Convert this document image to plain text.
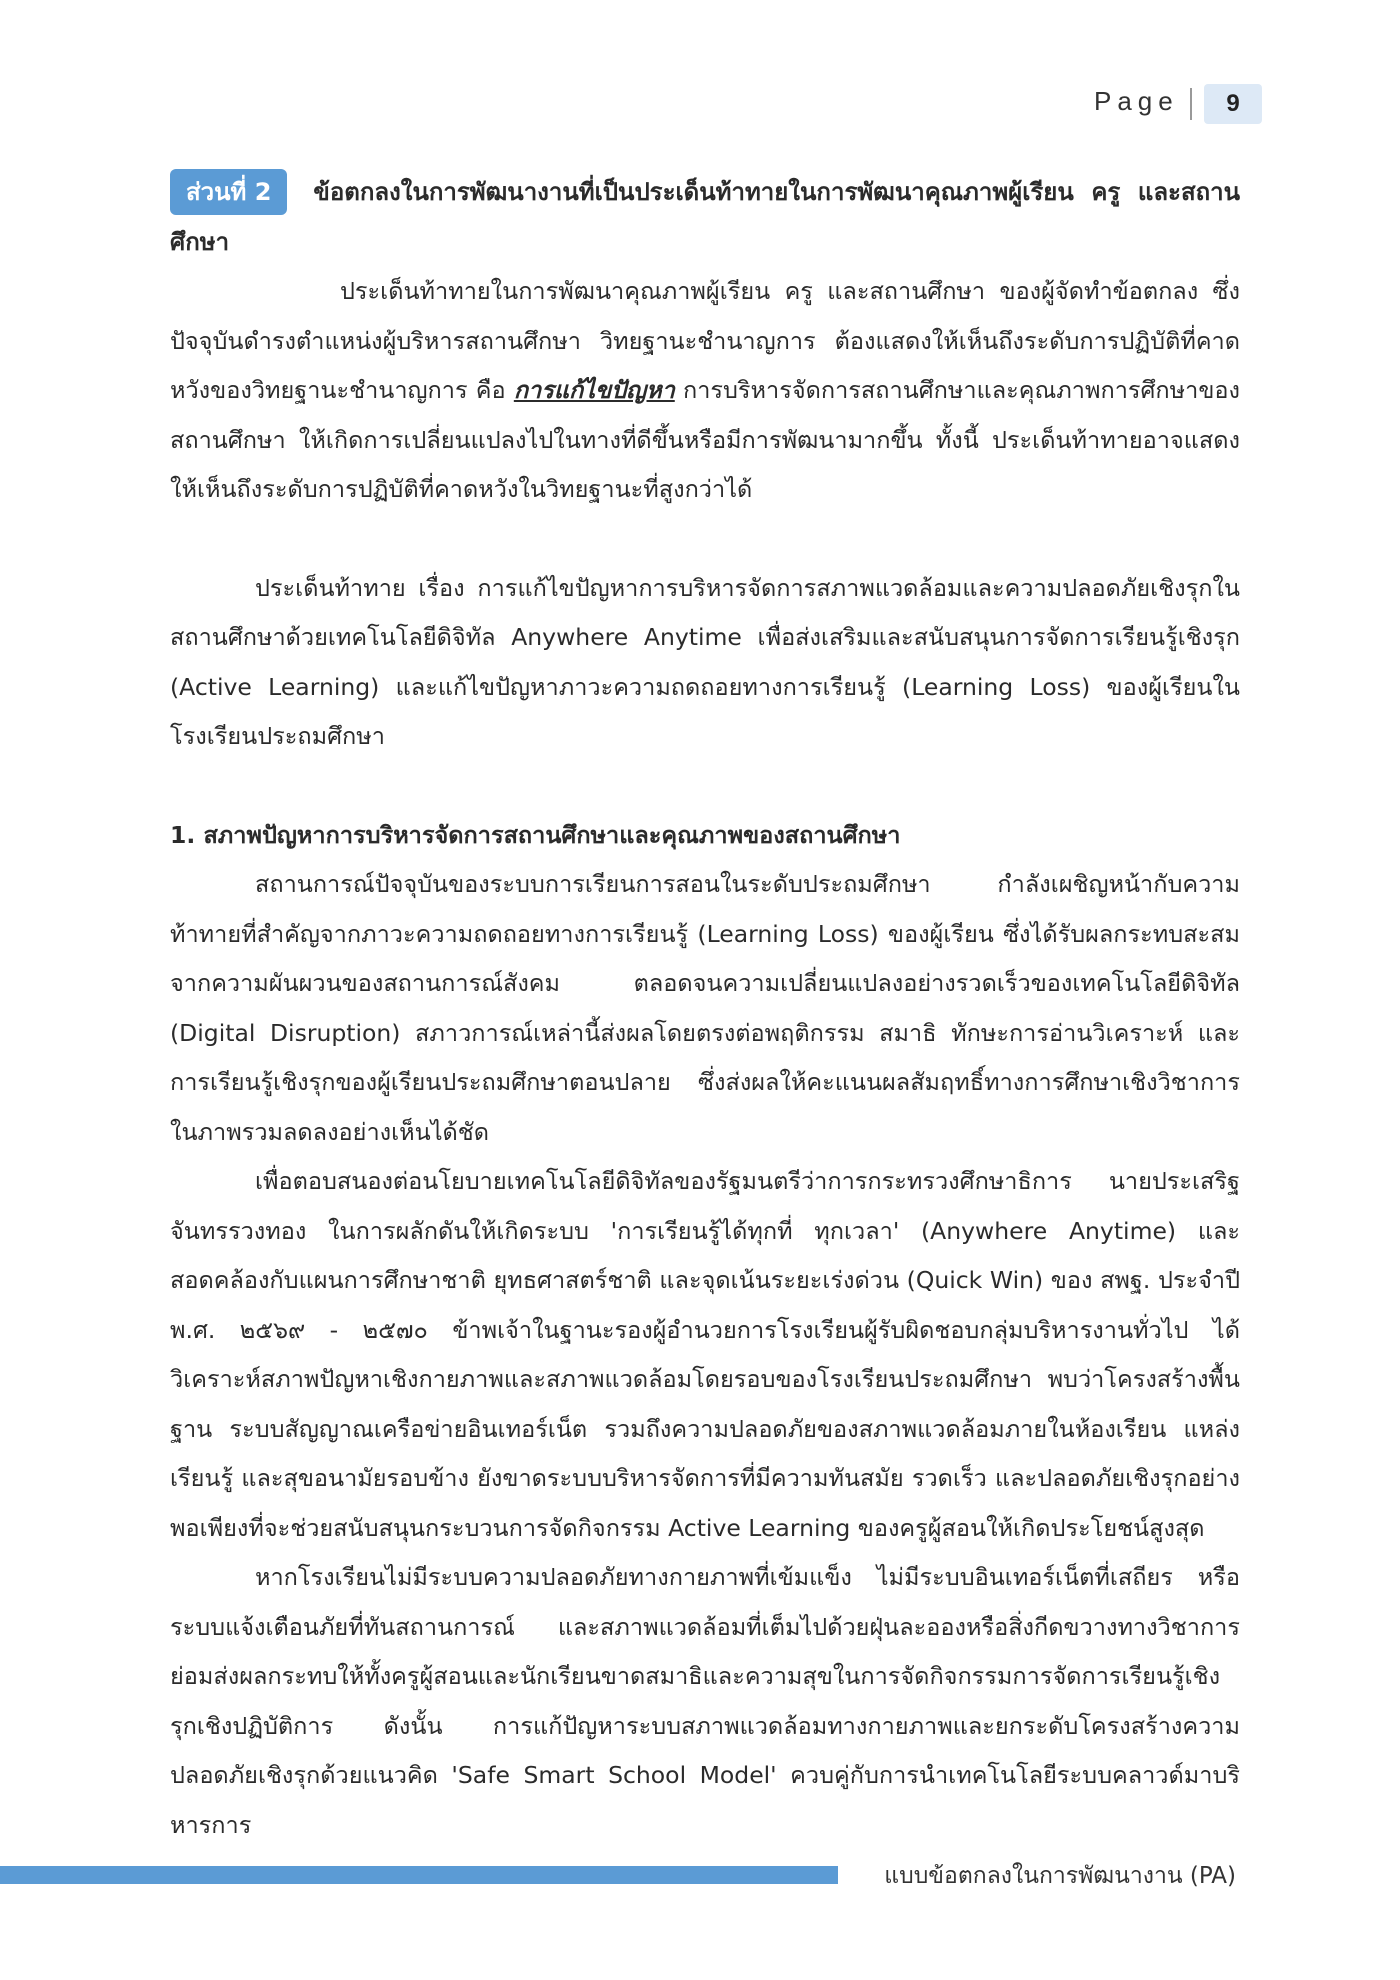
Page	9
ส่วนที่ 2 ข้อตกลงในการพัฒนางานที่เป็นประเด็นท้าทายในการพัฒนาคุณภาพผู้เรียน ครู และสถานศึกษา

ประเด็นท้าทายในการพัฒนาคุณภาพผู้เรียน ครู และสถานศึกษา ของผู้จัดทำข้อตกลง ซึ่งปัจจุบันดำรงตำแหน่งผู้บริหารสถานศึกษา วิทยฐานะชำนาญการ ต้องแสดงให้เห็นถึงระดับการปฏิบัติที่คาดหวังของวิทยฐานะชำนาญการ คือ การแก้ไขปัญหา การบริหารจัดการสถานศึกษาและคุณภาพการศึกษาของสถานศึกษา ให้เกิดการเปลี่ยนแปลงไปในทางที่ดีขึ้นหรือมีการพัฒนามากขึ้น ทั้งนี้ ประเด็นท้าทายอาจแสดงให้เห็นถึงระดับการปฏิบัติที่คาดหวังในวิทยฐานะที่สูงกว่าได้

ประเด็นท้าทาย เรื่อง การแก้ไขปัญหาการบริหารจัดการสภาพแวดล้อมและความปลอดภัยเชิงรุกในสถานศึกษาด้วยเทคโนโลยีดิจิทัล Anywhere Anytime เพื่อส่งเสริมและสนับสนุนการจัดการเรียนรู้เชิงรุก (Active Learning) และแก้ไขปัญหาภาวะความถดถอยทางการเรียนรู้ (Learning Loss) ของผู้เรียนในโรงเรียนประถมศึกษา

1. สภาพปัญหาการบริหารจัดการสถานศึกษาและคุณภาพของสถานศึกษา

สถานการณ์ปัจจุบันของระบบการเรียนการสอนในระดับประถมศึกษา กำลังเผชิญหน้ากับความท้าทายที่สำคัญจากภาวะความถดถอยทางการเรียนรู้ (Learning Loss) ของผู้เรียน ซึ่งได้รับผลกระทบสะสมจากความผันผวนของสถานการณ์สังคม ตลอดจนความเปลี่ยนแปลงอย่างรวดเร็วของเทคโนโลยีดิจิทัล (Digital Disruption) สภาวการณ์เหล่านี้ส่งผลโดยตรงต่อพฤติกรรม สมาธิ ทักษะการอ่านวิเคราะห์ และการเรียนรู้เชิงรุกของผู้เรียนประถมศึกษาตอนปลาย ซึ่งส่งผลให้คะแนนผลสัมฤทธิ์ทางการศึกษาเชิงวิชาการในภาพรวมลดลงอย่างเห็นได้ชัด

เพื่อตอบสนองต่อนโยบายเทคโนโลยีดิจิทัลของรัฐมนตรีว่าการกระทรวงศึกษาธิการ นายประเสริฐ จันทรรวงทอง ในการผลักดันให้เกิดระบบ 'การเรียนรู้ได้ทุกที่ ทุกเวลา' (Anywhere Anytime) และสอดคล้องกับแผนการศึกษาชาติ ยุทธศาสตร์ชาติ และจุดเน้นระยะเร่งด่วน (Quick Win) ของ สพฐ. ประจำปี พ.ศ. ๒๕๖๙ - ๒๕๗๐ ข้าพเจ้าในฐานะรองผู้อำนวยการโรงเรียนผู้รับผิดชอบกลุ่มบริหารงานทั่วไป ได้วิเคราะห์สภาพปัญหาเชิงกายภาพและสภาพแวดล้อมโดยรอบของโรงเรียนประถมศึกษา พบว่าโครงสร้างพื้นฐาน ระบบสัญญาณเครือข่ายอินเทอร์เน็ต รวมถึงความปลอดภัยของสภาพแวดล้อมภายในห้องเรียน แหล่งเรียนรู้ และสุขอนามัยรอบข้าง ยังขาดระบบบริหารจัดการที่มีความทันสมัย รวดเร็ว และปลอดภัยเชิงรุกอย่างพอเพียงที่จะช่วยสนับสนุนกระบวนการจัดกิจกรรม Active Learning ของครูผู้สอนให้เกิดประโยชน์สูงสุด

หากโรงเรียนไม่มีระบบความปลอดภัยทางกายภาพที่เข้มแข็ง ไม่มีระบบอินเทอร์เน็ตที่เสถียร หรือระบบแจ้งเตือนภัยที่ทันสถานการณ์ และสภาพแวดล้อมที่เต็มไปด้วยฝุ่นละอองหรือสิ่งกีดขวางทางวิชาการย่อมส่งผลกระทบให้ทั้งครูผู้สอนและนักเรียนขาดสมาธิและความสุขในการจัดกิจกรรมการจัดการเรียนรู้เชิงรุกเชิงปฏิบัติการ ดังนั้น การแก้ปัญหาระบบสภาพแวดล้อมทางกายภาพและยกระดับโครงสร้างความปลอดภัยเชิงรุกด้วยแนวคิด 'Safe Smart School Model' ควบคู่กับการนำเทคโนโลยีระบบคลาวด์มาบริหารการ

แบบข้อตกลงในการพัฒนางาน (PA)
